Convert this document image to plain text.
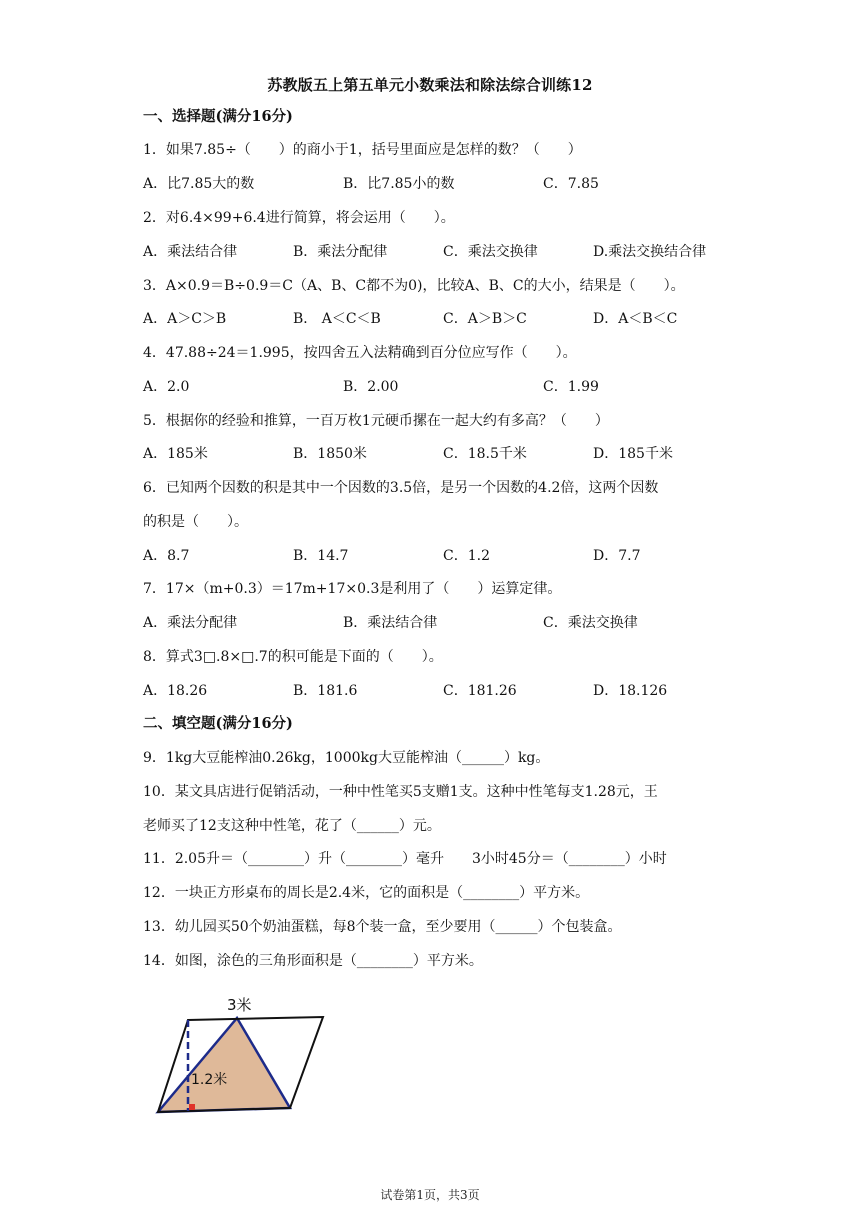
苏教版五上第五单元小数乘法和除法综合训练12
一、选择题(满分16分)
1．如果7.85÷（　　）的商小于1，括号里面应是怎样的数？（　　）
A．比7.85大的数	B．比7.85小的数	C．7.85
2．对6.4×99+6.4进行简算，将会运用（　　）。
A．乘法结合律	B．乘法分配律	C．乘法交换律	D.乘法交换结合律
3．A×0.9＝B÷0.9＝C（A、B、C都不为0)，比较A、B、C的大小，结果是（　　）。
A．A＞C＞B	B． A＜C＜B	C．A＞B＞C	D．A＜B＜C
4．47.88÷24＝1.995，按四舍五入法精确到百分位应写作（　　）。
A．2.0	B．2.00	C．1.99
5．根据你的经验和推算，一百万枚1元硬币摞在一起大约有多高？（　　）
A．185米	B．1850米	C．18.5千米	D．185千米
6．已知两个因数的积是其中一个因数的3.5倍，是另一个因数的4.2倍，这两个因数
的积是（　　）。
A．8.7	B．14.7	C．1.2	D．7.7
7．17×（m+0.3）＝17m+17×0.3是利用了（　　）运算定律。
A．乘法分配律	B．乘法结合律	C．乘法交换律
8．算式3□.8×□.7的积可能是下面的（　　）。
A．18.26	B．181.6	C．181.26	D．18.126
二、填空题(满分16分)
9．1kg大豆能榨油0.26kg，1000kg大豆能榨油（______）kg。
10．某文具店进行促销活动，一种中性笔买5支赠1支。这种中性笔每支1.28元，王
老师买了12支这种中性笔，花了（______）元。
11．2.05升＝（________）升（________）毫升　　3小时45分＝（________）小时
12．一块正方形桌布的周长是2.4米，它的面积是（________）平方米。
13．幼儿园买50个奶油蛋糕，每8个装一盒，至少要用（______）个包装盒。
14．如图，涂色的三角形面积是（________）平方米。
3米
1.2米
试卷第1页，共3页
